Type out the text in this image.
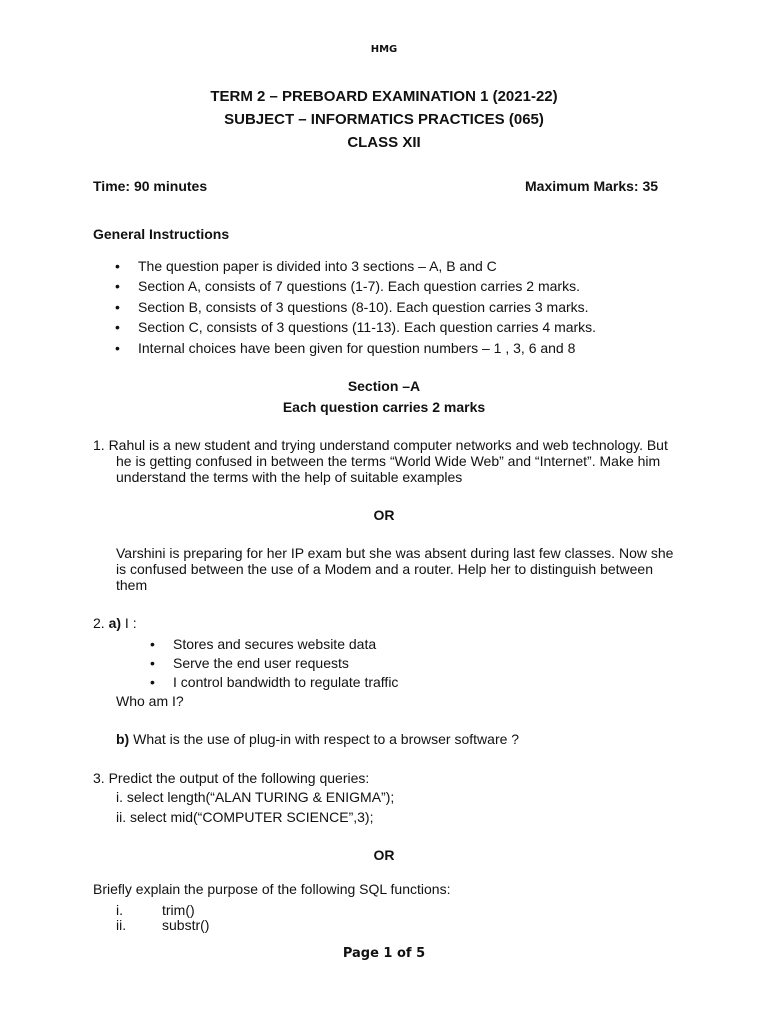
HMG
TERM 2 – PREBOARD EXAMINATION 1 (2021-22)
SUBJECT – INFORMATICS PRACTICES (065)
CLASS XII
Time: 90 minutes	Maximum Marks: 35
General Instructions
• The question paper is divided into 3 sections – A, B and C
• Section A, consists of 7 questions (1-7). Each question carries 2 marks.
• Section B, consists of 3 questions (8-10). Each question carries 3 marks.
• Section C, consists of 3 questions (11-13). Each question carries 4 marks.
• Internal choices have been given for question numbers – 1 , 3, 6 and 8
Section –A
Each question carries 2 marks
1. Rahul is a new student and trying understand computer networks and web technology. But
he is getting confused in between the terms “World Wide Web” and “Internet”. Make him
understand the terms with the help of suitable examples
OR
Varshini is preparing for her IP exam but she was absent during last few classes. Now she
is confused between the use of a Modem and a router. Help her to distinguish between
them
2. a) I :
• Stores and secures website data
• Serve the end user requests
• I control bandwidth to regulate traffic
Who am I?
b) What is the use of plug-in with respect to a browser software ?
3. Predict the output of the following queries:
i. select length(“ALAN TURING & ENIGMA”);
ii. select mid(“COMPUTER SCIENCE”,3);
OR
Briefly explain the purpose of the following SQL functions:
i.	trim()
ii.	substr()
Page 1 of 5
